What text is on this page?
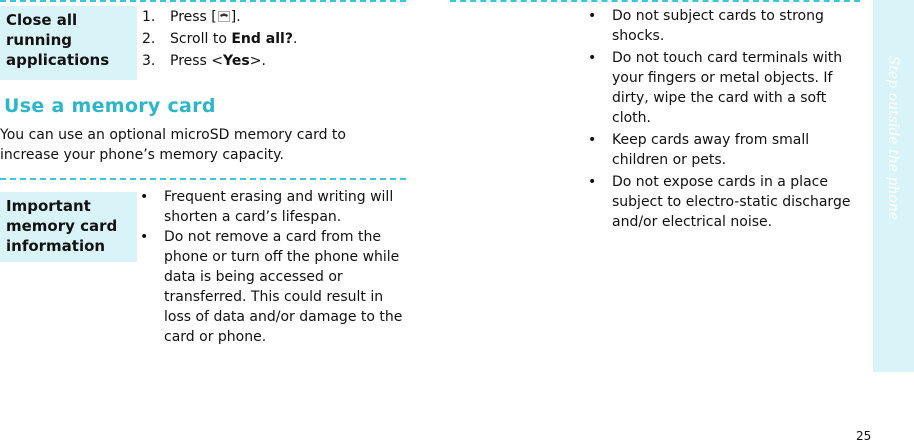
Close all running applications
1.	Press [ ].
2.	Scroll to End all?.
3.	Press <Yes>.
Use a memory card
You can use an optional microSD memory card to increase your phone’s memory capacity.
Important memory card information
•	Frequent erasing and writing will shorten a card’s lifespan.
•	Do not remove a card from the phone or turn off the phone while data is being accessed or transferred. This could result in loss of data and/or damage to the card or phone.
•	Do not subject cards to strong shocks.
•	Do not touch card terminals with your fingers or metal objects. If dirty, wipe the card with a soft cloth.
•	Keep cards away from small children or pets.
•	Do not expose cards in a place subject to electro-static discharge and/or electrical noise.
Step outside the phone
25
